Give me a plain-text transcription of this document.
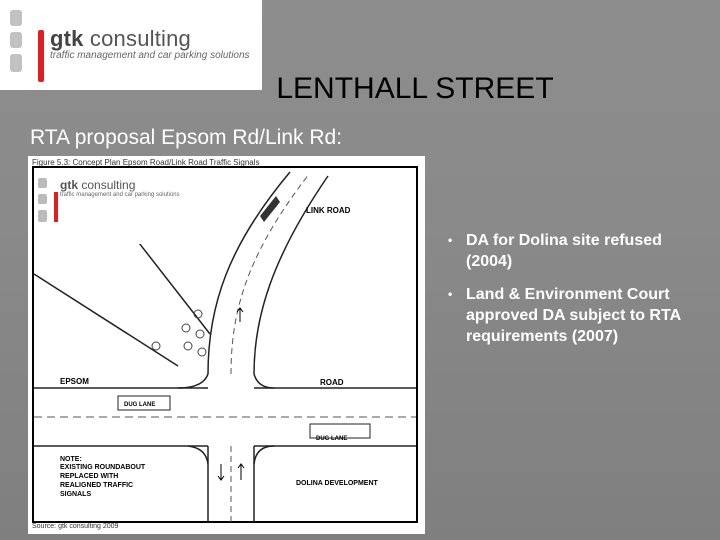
gtk consulting
traffic management and car parking solutions
LENTHALL STREET
RTA proposal Epsom Rd/Link Rd:
Figure 5.3: Concept Plan Epsom Road/Link Road Traffic Signals
LINK ROAD
EPSOM	ROAD
DUG LANE
DUG LANE
DOLINA DEVELOPMENT
NOTE:
EXISTING ROUNDABOUT
REPLACED WITH
REALIGNED TRAFFIC
SIGNALS
gtk consulting
traffic management and car parking solutions
Source: gtk consulting 2009
• DA for Dolina site refused (2004)
• Land & Environment Court approved DA subject to RTA requirements (2007)
